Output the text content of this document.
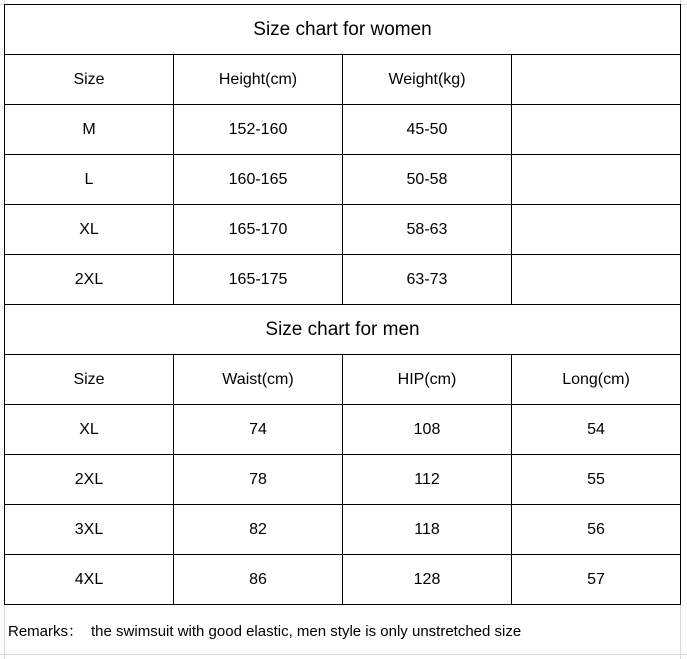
Size chart for women			
Size	Height(cm)	Weight(kg)	
M	152-160	45-50	
L	160-165	50-58	
XL	165-170	58-63	
2XL	165-175	63-73	
Size chart for men			
Size	Waist(cm)	HIP(cm)	Long(cm)
XL	74	108	54
2XL	78	112	55
3XL	82	118	56
4XL	86	128	57
Remarks： the swimsuit with good elastic, men style is only unstretched size
